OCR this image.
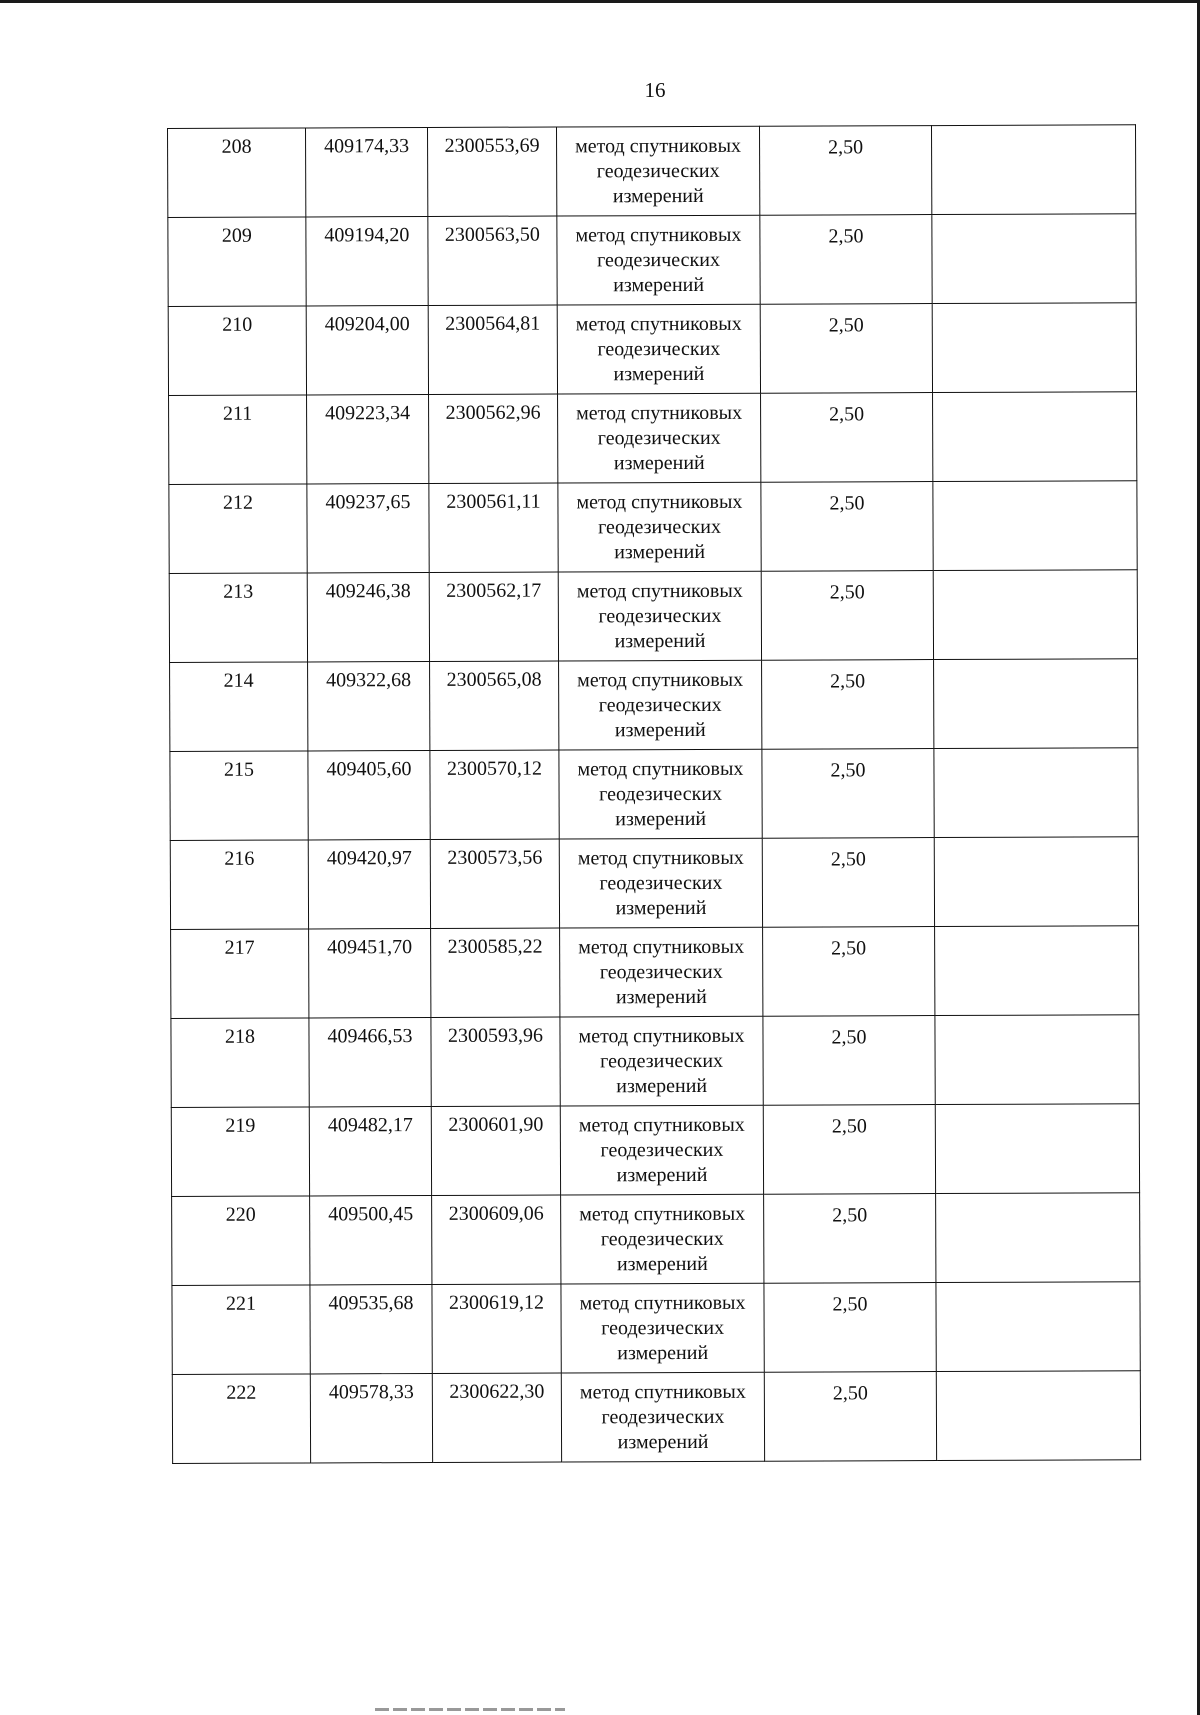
16
208	409174,33	2300553,69	метод спутниковых геодезических измерений	2,50	
209	409194,20	2300563,50	метод спутниковых геодезических измерений	2,50	
210	409204,00	2300564,81	метод спутниковых геодезических измерений	2,50	
211	409223,34	2300562,96	метод спутниковых геодезических измерений	2,50	
212	409237,65	2300561,11	метод спутниковых геодезических измерений	2,50	
213	409246,38	2300562,17	метод спутниковых геодезических измерений	2,50	
214	409322,68	2300565,08	метод спутниковых геодезических измерений	2,50	
215	409405,60	2300570,12	метод спутниковых геодезических измерений	2,50	
216	409420,97	2300573,56	метод спутниковых геодезических измерений	2,50	
217	409451,70	2300585,22	метод спутниковых геодезических измерений	2,50	
218	409466,53	2300593,96	метод спутниковых геодезических измерений	2,50	
219	409482,17	2300601,90	метод спутниковых геодезических измерений	2,50	
220	409500,45	2300609,06	метод спутниковых геодезических измерений	2,50	
221	409535,68	2300619,12	метод спутниковых геодезических измерений	2,50	
222	409578,33	2300622,30	метод спутниковых геодезических измерений	2,50	
